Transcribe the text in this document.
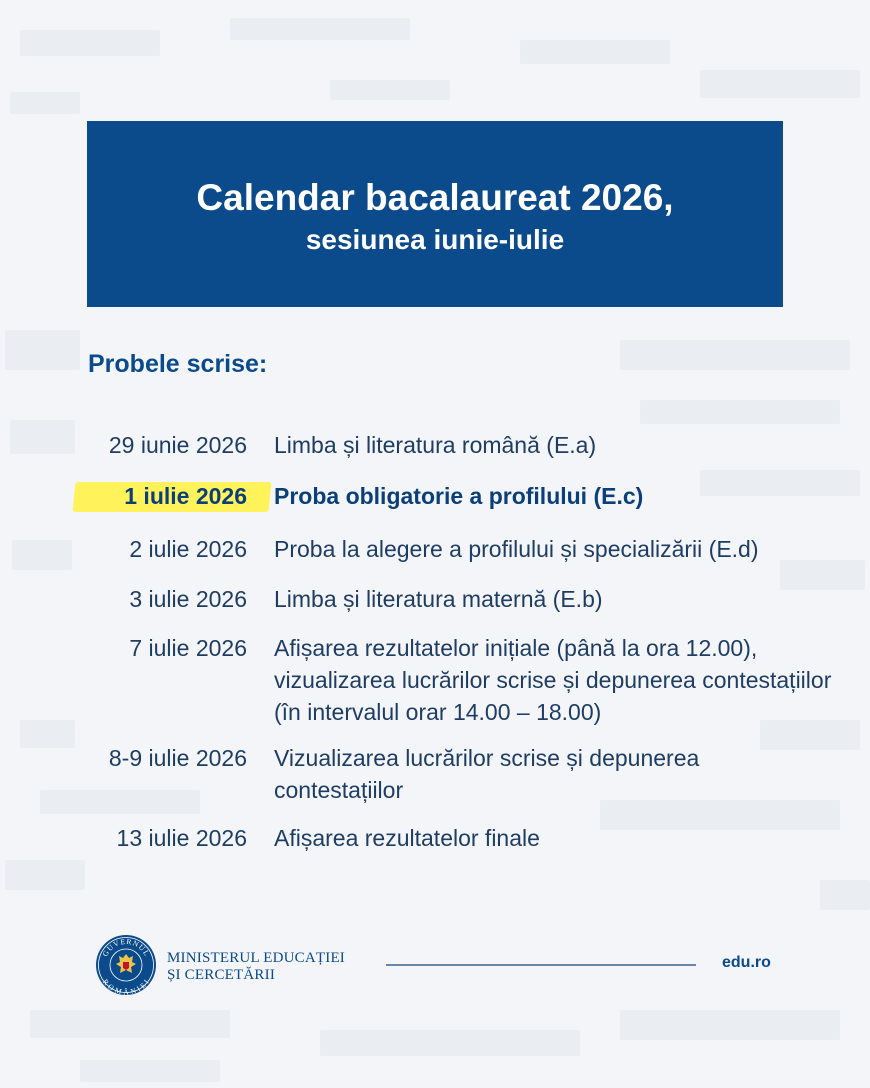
Calendar bacalaureat 2026,
sesiunea iunie-iulie
Probele scrise:
29 iunie 2026 Limba și literatura română (E.a)
1 iulie 2026 Proba obligatorie a profilului (E.c)
2 iulie 2026 Proba la alegere a profilului și specializării (E.d)
3 iulie 2026 Limba și literatura maternă (E.b)
7 iulie 2026 Afișarea rezultatelor inițiale (până la ora 12.00), vizualizarea lucrărilor scrise și depunerea contestațiilor (în intervalul orar 14.00 – 18.00)
8-9 iulie 2026 Vizualizarea lucrărilor scrise și depunerea contestațiilor
13 iulie 2026 Afișarea rezultatelor finale
GUVERNUL
ROMÂNIEI
MINISTERUL EDUCAȚIEI
ȘI CERCETĂRII
edu.ro
